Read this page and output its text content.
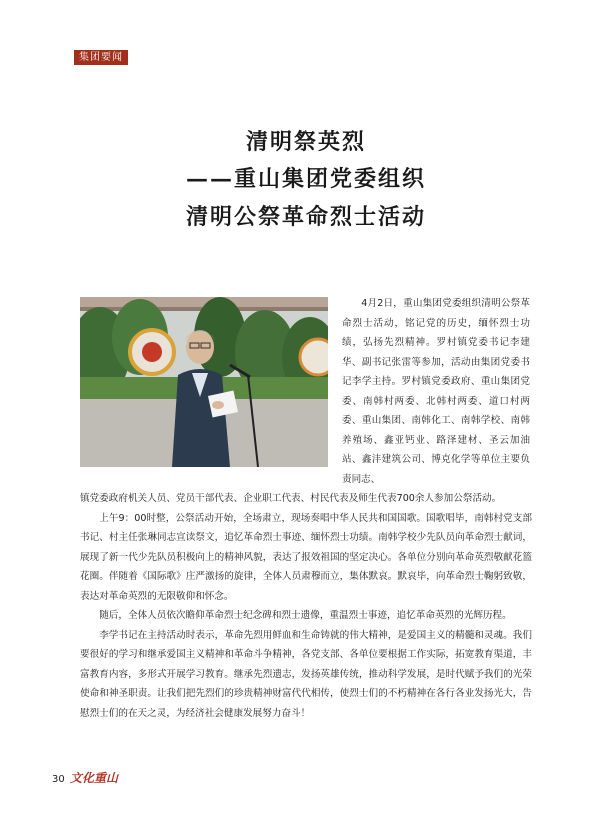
集团要闻
清明祭英烈
——重山集团党委组织
清明公祭革命烈士活动

4月2日，重山集团党委组织清明公祭革命烈士活动，铭记党的历史，缅怀烈士功绩，弘扬先烈精神。罗村镇党委书记李建华、副书记张雷等参加，活动由集团党委书记李学主持。罗村镇党委政府、重山集团党委、南韩村两委、北韩村两委、道口村两委、重山集团、南韩化工、南韩学校、南韩养殖场、鑫亚钙业、路泽建材、圣云加油站、鑫沣建筑公司、博克化学等单位主要负责同志、

镇党委政府机关人员、党员干部代表、企业职工代表、村民代表及师生代表700余人参加公祭活动。

上午9：00时整，公祭活动开始，全场肃立，现场奏唱中华人民共和国国歌。国歌唱毕，南韩村党支部书记、村主任张琳同志宣读祭文，追忆革命烈士事迹、缅怀烈士功绩。南韩学校少先队员向革命烈士献词，展现了新一代少先队员积极向上的精神风貌，表达了报效祖国的坚定决心。各单位分别向革命英烈敬献花篮花圈。伴随着《国际歌》庄严激扬的旋律，全体人员肃穆而立，集体默哀。默哀毕，向革命烈士鞠躬致敬，表达对革命英烈的无限敬仰和怀念。

随后，全体人员依次瞻仰革命烈士纪念碑和烈士遗像，重温烈士事迹，追忆革命英烈的光辉历程。

李学书记在主持活动时表示，革命先烈用鲜血和生命铸就的伟大精神，是爱国主义的精髓和灵魂。我们要很好的学习和继承爱国主义精神和革命斗争精神，各党支部、各单位要根据工作实际，拓宽教育渠道，丰富教育内容，多形式开展学习教育。继承先烈遗志，发扬英雄传统，推动科学发展，是时代赋予我们的光荣使命和神圣职责。让我们把先烈们的珍贵精神财富代代相传，使烈士们的不朽精神在各行各业发扬光大，告慰烈士们的在天之灵，为经济社会健康发展努力奋斗！

30 文化重山
